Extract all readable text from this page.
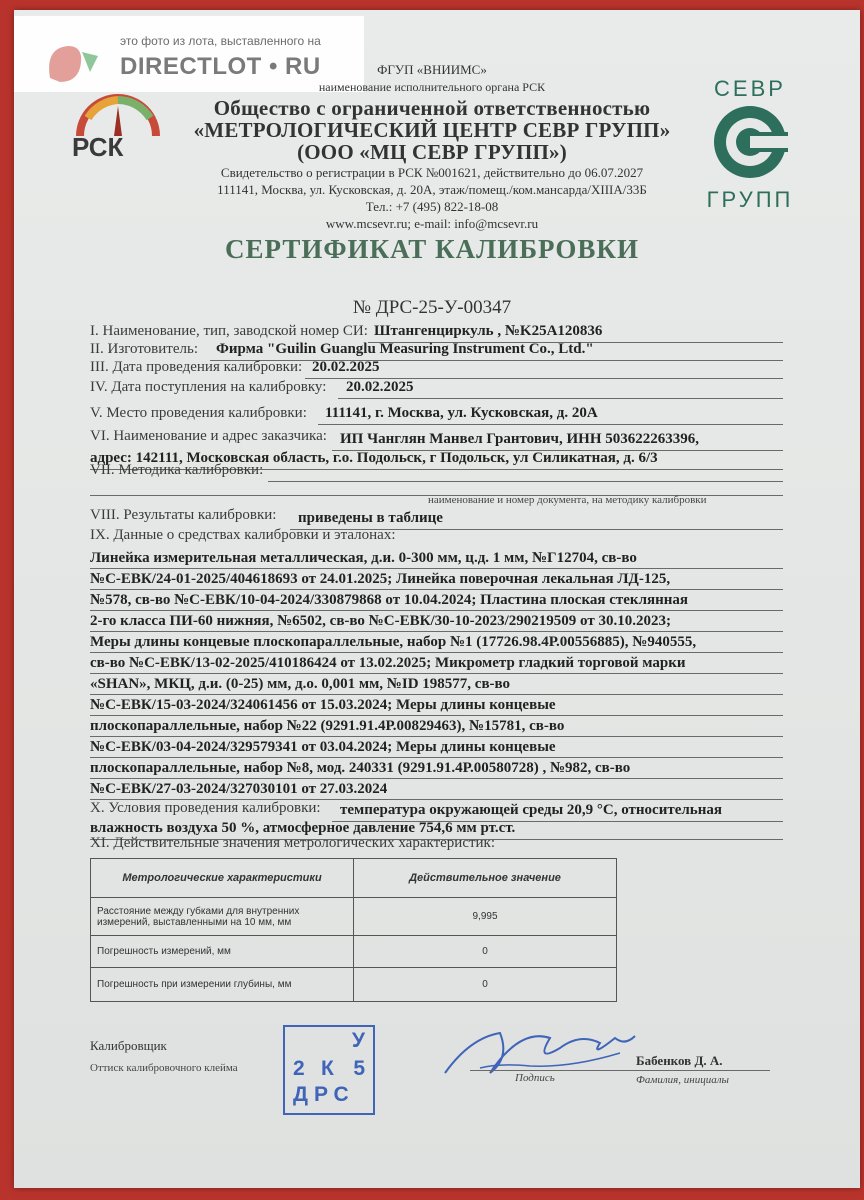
это фото из лота, выставленного на
DIRECTLOT • RU
РСК
СЕВР
ГРУПП
ФГУП «ВНИИМС»
наименование исполнительного органа РСК
Общество с ограниченной ответственностью
«МЕТРОЛОГИЧЕСКИЙ ЦЕНТР СЕВР ГРУПП»
(ООО «МЦ СЕВР ГРУПП»)
Свидетельство о регистрации в РСК №001621, действительно до 06.07.2027
111141, Москва, ул. Кусковская, д. 20А, этаж/помещ./ком.мансарда/XIIIА/33Б
Тел.: +7 (495) 822-18-08
www.mcsevr.ru; e-mail: info@mcsevr.ru
СЕРТИФИКАТ КАЛИБРОВКИ
№ ДРС-25-У-00347
I. Наименование, тип, заводской номер СИ: Штангенциркуль , №K25A120836
II. Изготовитель: Фирма "Guilin Guanglu Measuring Instrument Co., Ltd."
III. Дата проведения калибровки: 20.02.2025
IV. Дата поступления на калибровку: 20.02.2025
V. Место проведения калибровки: 111141, г. Москва, ул. Кусковская, д. 20А
VI. Наименование и адрес заказчика: ИП Чанглян Манвел Грантович, ИНН 503622263396,
адрес: 142111, Московская область, г.о. Подольск, г Подольск, ул Силикатная, д. 6/3
VII. Методика калибровки:
наименование и номер документа, на методику калибровки
VIII. Результаты калибровки: приведены в таблице
IX. Данные о средствах калибровки и эталонах:
Линейка измерительная металлическая, д.и. 0-300 мм, ц.д. 1 мм, №Г12704, св-во
№С-ЕВК/24-01-2025/404618693 от 24.01.2025; Линейка поверочная лекальная ЛД-125,
№578, св-во №С-ЕВК/10-04-2024/330879868 от 10.04.2024; Пластина плоская стеклянная
2-го класса ПИ-60 нижняя, №6502, св-во №С-ЕВК/30-10-2023/290219509 от 30.10.2023;
Меры длины концевые плоскопараллельные, набор №1 (17726.98.4Р.00556885), №940555,
св-во №С-ЕВК/13-02-2025/410186424 от 13.02.2025; Микрометр гладкий торговой марки
«SHAN», МКЦ, д.и. (0-25) мм, д.о. 0,001 мм, №ID 198577, св-во
№С-ЕВК/15-03-2024/324061456 от 15.03.2024; Меры длины концевые
плоскопараллельные, набор №22 (9291.91.4Р.00829463), №15781, св-во
№С-ЕВК/03-04-2024/329579341 от 03.04.2024; Меры длины концевые
плоскопараллельные, набор №8, мод. 240331 (9291.91.4Р.00580728) , №982, св-во
№С-ЕВК/27-03-2024/327030101 от 27.03.2024
X. Условия проведения калибровки: температура окружающей среды 20,9 °С, относительная
влажность воздуха 50 %, атмосферное давление 754,6 мм рт.ст.
XI. Действительные значения метрологических характеристик:
Метрологические характеристики	Действительное значение
Расстояние между губками для внутренних измерений, выставленными на 10 мм, мм	9,995
Погрешность измерений, мм	0
Погрешность при измерении глубины, мм	0
Калибровщик
Оттиск калибровочного клейма
У
2 К 5
ДРС
Подпись
Бабенков Д. А.
Фамилия, инициалы
